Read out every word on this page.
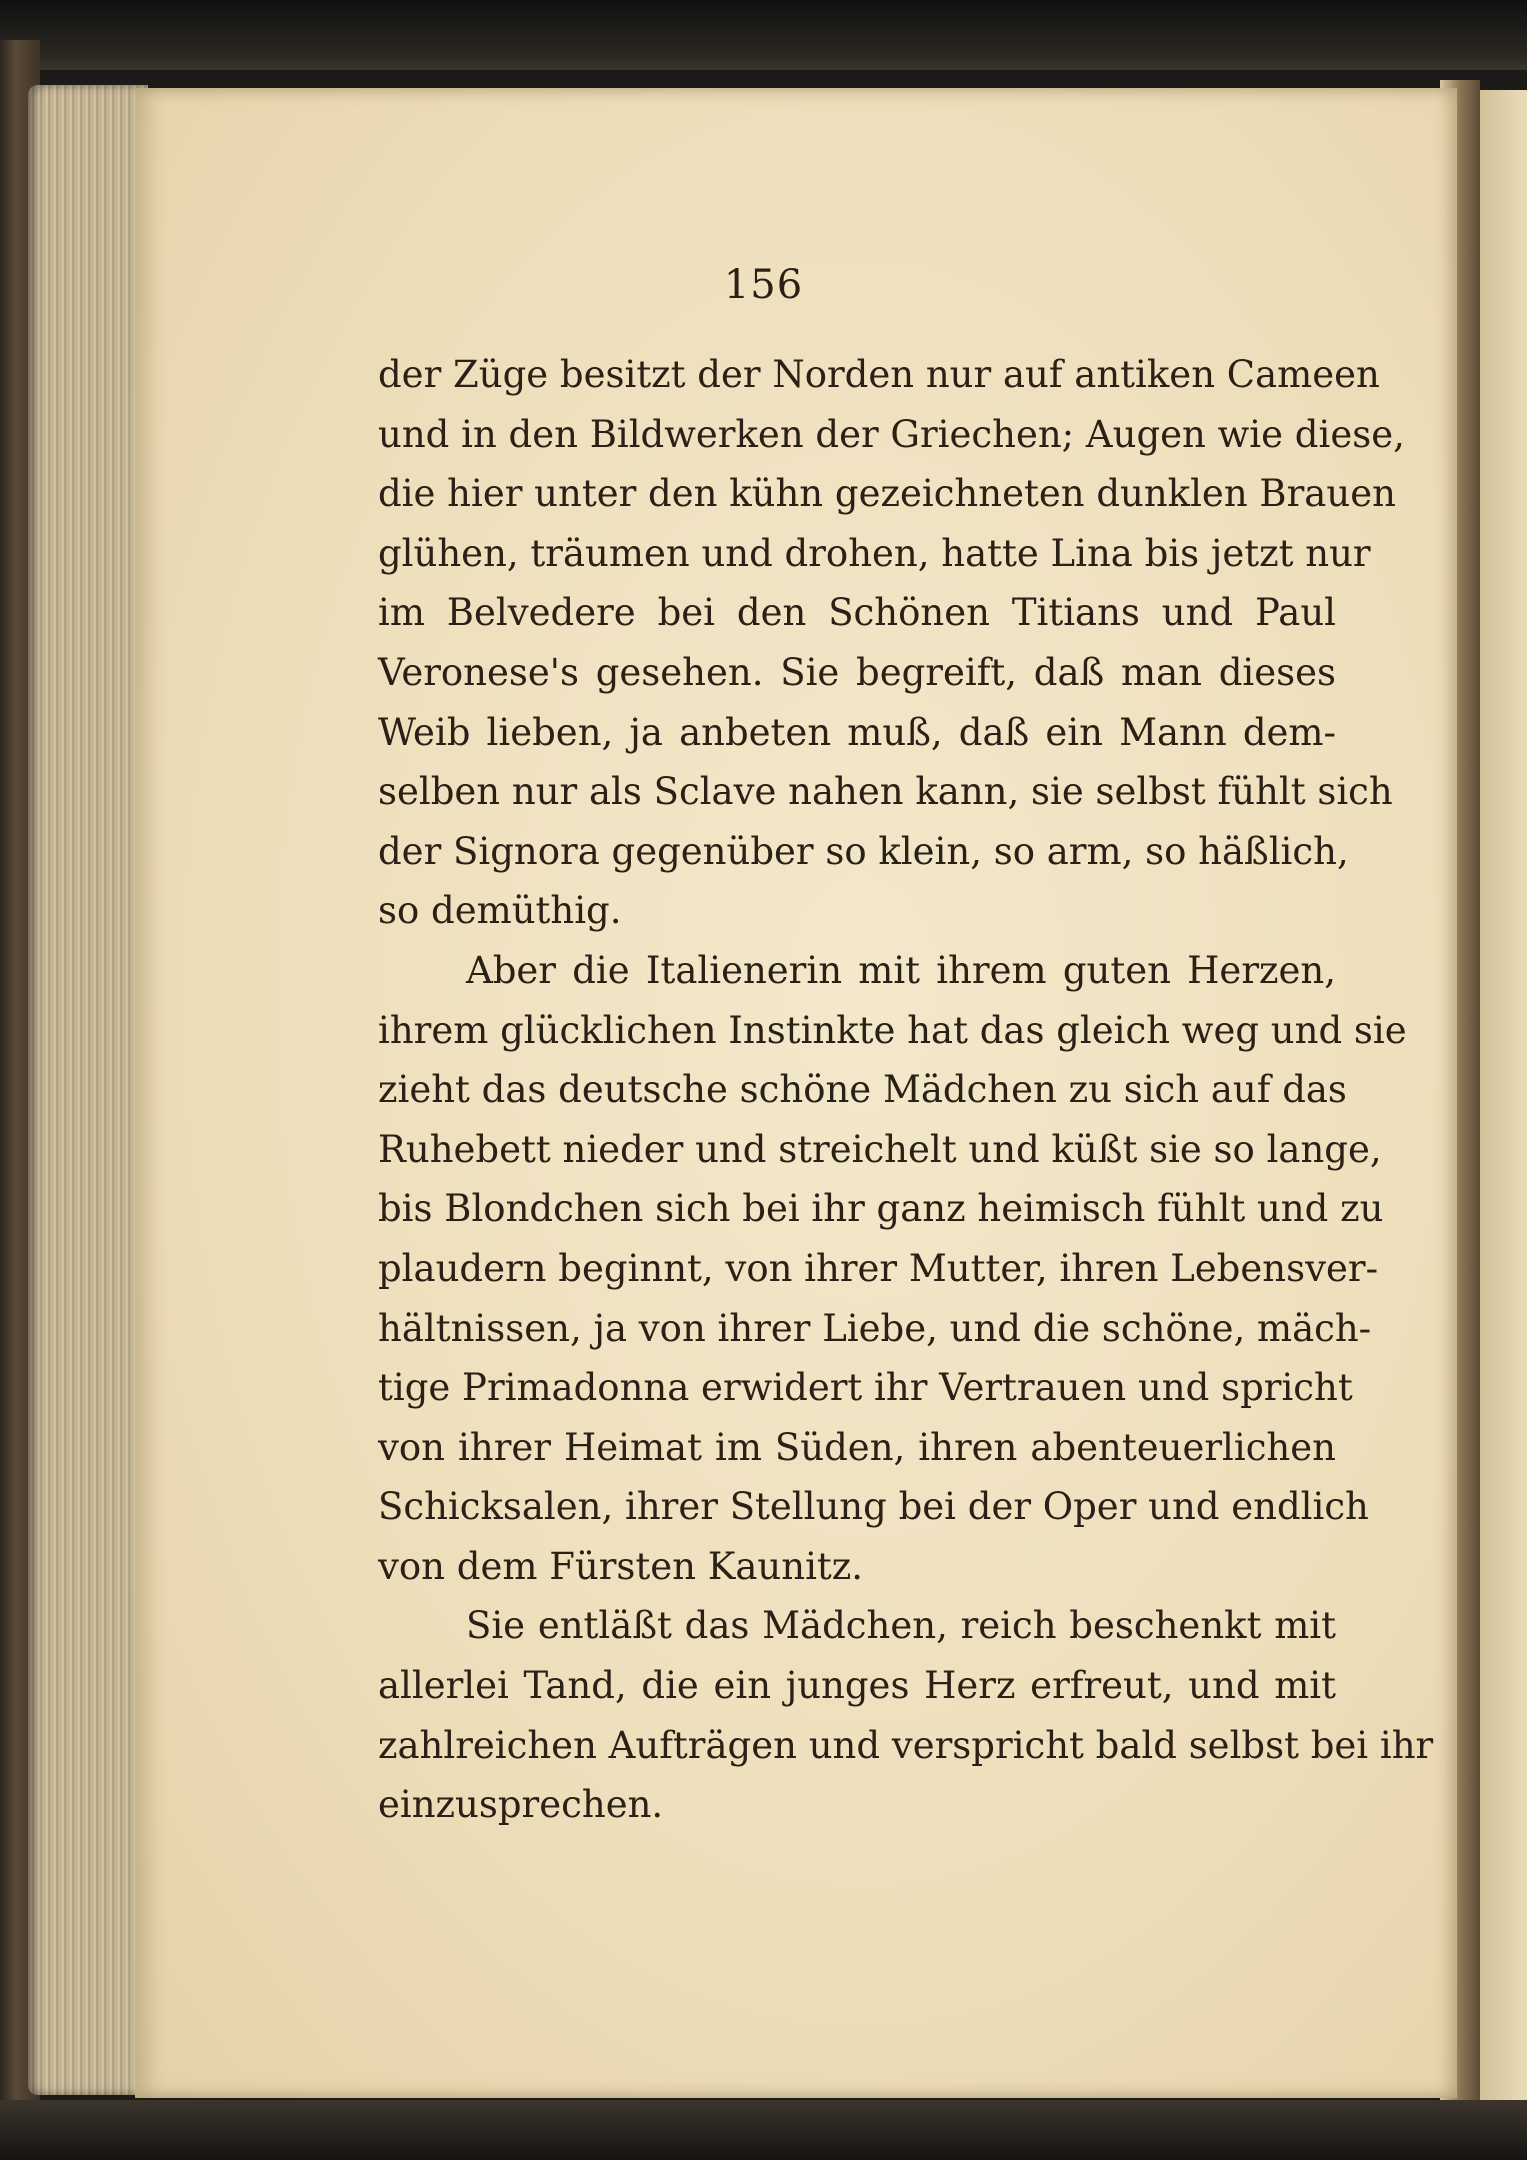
156
der Züge besitzt der Norden nur auf antiken Cameen
und in den Bildwerken der Griechen; Augen wie diese,
die hier unter den kühn gezeichneten dunklen Brauen
glühen, träumen und drohen, hatte Lina bis jetzt nur
im Belvedere bei den Schönen Titians und Paul
Veronese's gesehen. Sie begreift, daß man dieses
Weib lieben, ja anbeten muß, daß ein Mann dem-
selben nur als Sclave nahen kann, sie selbst fühlt sich
der Signora gegenüber so klein, so arm, so häßlich,
so demüthig.
Aber die Italienerin mit ihrem guten Herzen,
ihrem glücklichen Instinkte hat das gleich weg und sie
zieht das deutsche schöne Mädchen zu sich auf das
Ruhebett nieder und streichelt und küßt sie so lange,
bis Blondchen sich bei ihr ganz heimisch fühlt und zu
plaudern beginnt, von ihrer Mutter, ihren Lebensver-
hältnissen, ja von ihrer Liebe, und die schöne, mäch-
tige Primadonna erwidert ihr Vertrauen und spricht
von ihrer Heimat im Süden, ihren abenteuerlichen
Schicksalen, ihrer Stellung bei der Oper und endlich
von dem Fürsten Kaunitz.
Sie entläßt das Mädchen, reich beschenkt mit
allerlei Tand, die ein junges Herz erfreut, und mit
zahlreichen Aufträgen und verspricht bald selbst bei ihr
einzusprechen.
